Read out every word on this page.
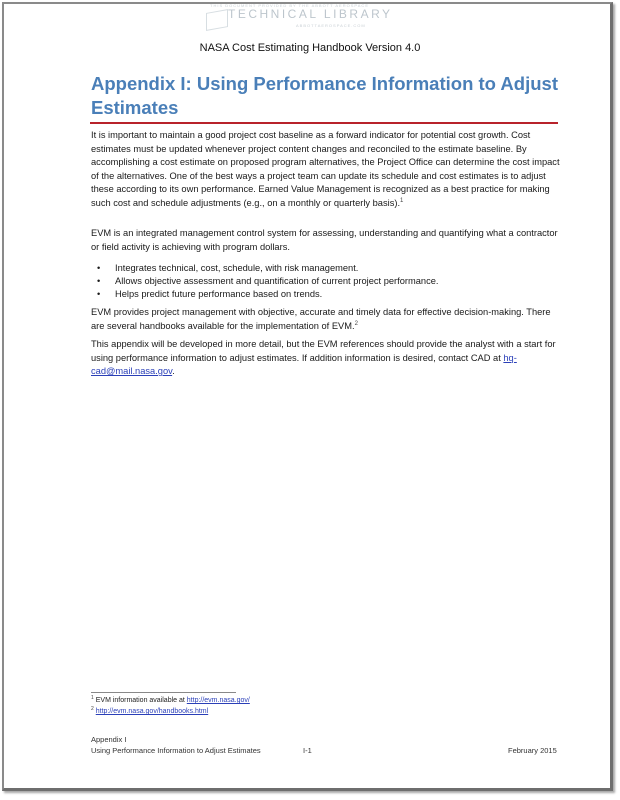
THIS DOCUMENT PROVIDED BY THE ABBOTT AEROSPACE
TECHNICAL LIBRARY
ABBOTTAEROSPACE.COM
NASA Cost Estimating Handbook Version 4.0
Appendix I: Using Performance Information to Adjust Estimates
It is important to maintain a good project cost baseline as a forward indicator for potential cost growth. Cost estimates must be updated whenever project content changes and reconciled to the estimate baseline. By accomplishing a cost estimate on proposed program alternatives, the Project Office can determine the cost impact of the alternatives. One of the best ways a project team can update its schedule and cost estimates is to adjust these according to its own performance. Earned Value Management is recognized as a best practice for making such cost and schedule adjustments (e.g., on a monthly or quarterly basis).$^1$
EVM is an integrated management control system for assessing, understanding and quantifying what a contractor or field activity is achieving with program dollars.
• Integrates technical, cost, schedule, with risk management.
• Allows objective assessment and quantification of current project performance.
• Helps predict future performance based on trends.
EVM provides project management with objective, accurate and timely data for effective decision-making. There are several handbooks available for the implementation of EVM.$^2$
This appendix will be developed in more detail, but the EVM references should provide the analyst with a start for using performance information to adjust estimates. If addition information is desired, contact CAD at hq-cad@mail.nasa.gov.
$^1$ EVM information available at http://evm.nasa.gov/
$^2$ http://evm.nasa.gov/handbooks.html
Appendix I
Using Performance Information to Adjust Estimates	I-1	February 2015
